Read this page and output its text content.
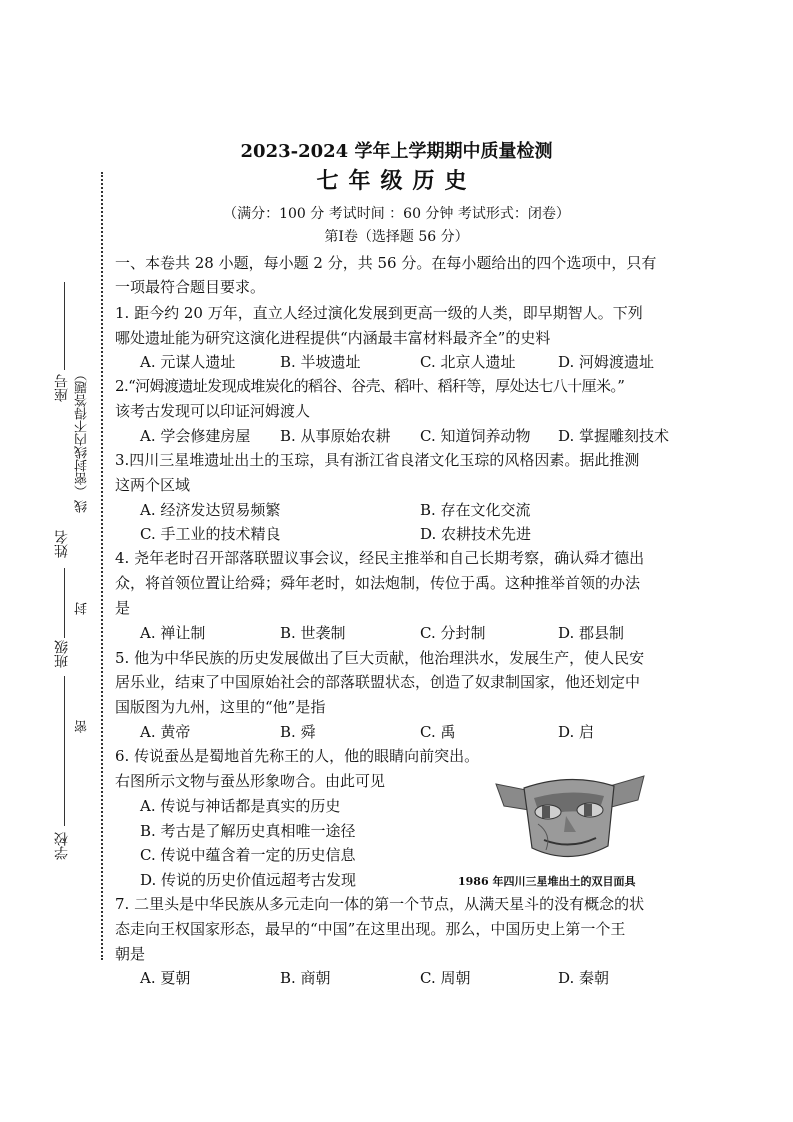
2023-2024 学年上学期期中质量检测
七年级历史
（满分：100 分 考试时间 ：60 分钟 考试形式：闭卷）
第Ⅰ卷（选择题 56 分）
座号 （密封线内不得答题）
线
姓名
封
班级
密
学校
一、本卷共 28 小题，每小题 2 分，共 56 分。在每小题给出的四个选项中，只有
一项最符合题目要求。
1. 距今约 20 万年，直立人经过演化发展到更高一级的人类，即早期智人。下列
哪处遗址能为研究这演化进程提供“内涵最丰富材料最齐全”的史料
A. 元谋人遗址	B. 半坡遗址	C. 北京人遗址	D. 河姆渡遗址
2.“河姆渡遗址发现成堆炭化的稻谷、谷壳、稻叶、稻秆等，厚处达七八十厘米。”
该考古发现可以印证河姆渡人
A. 学会修建房屋 B. 从事原始农耕 C. 知道饲养动物 D. 掌握雕刻技术
3.四川三星堆遗址出土的玉琮，具有浙江省良渚文化玉琮的风格因素。据此推测
这两个区域
A. 经济发达贸易频繁	B. 存在文化交流
C. 手工业的技术精良	D. 农耕技术先进
4. 尧年老时召开部落联盟议事会议，经民主推举和自己长期考察，确认舜才德出
众，将首领位置让给舜；舜年老时，如法炮制，传位于禹。这种推举首领的办法
是
A. 禅让制	B. 世袭制	C. 分封制	D. 郡县制
5. 他为中华民族的历史发展做出了巨大贡献，他治理洪水，发展生产，使人民安
居乐业，结束了中国原始社会的部落联盟状态，创造了奴隶制国家，他还划定中
国版图为九州，这里的“他”是指
A. 黄帝	B. 舜	C. 禹	D. 启
6. 传说蚕丛是蜀地首先称王的人，他的眼睛向前突出。
右图所示文物与蚕丛形象吻合。由此可见
A. 传说与神话都是真实的历史
B. 考古是了解历史真相唯一途径
C. 传说中蕴含着一定的历史信息
D. 传说的历史价值远超考古发现	1986 年四川三星堆出土的双目面具
7. 二里头是中华民族从多元走向一体的第一个节点，从满天星斗的没有概念的状
态走向王权国家形态，最早的“中国”在这里出现。那么，中国历史上第一个王
朝是
A. 夏朝	B. 商朝	C. 周朝	D. 秦朝
